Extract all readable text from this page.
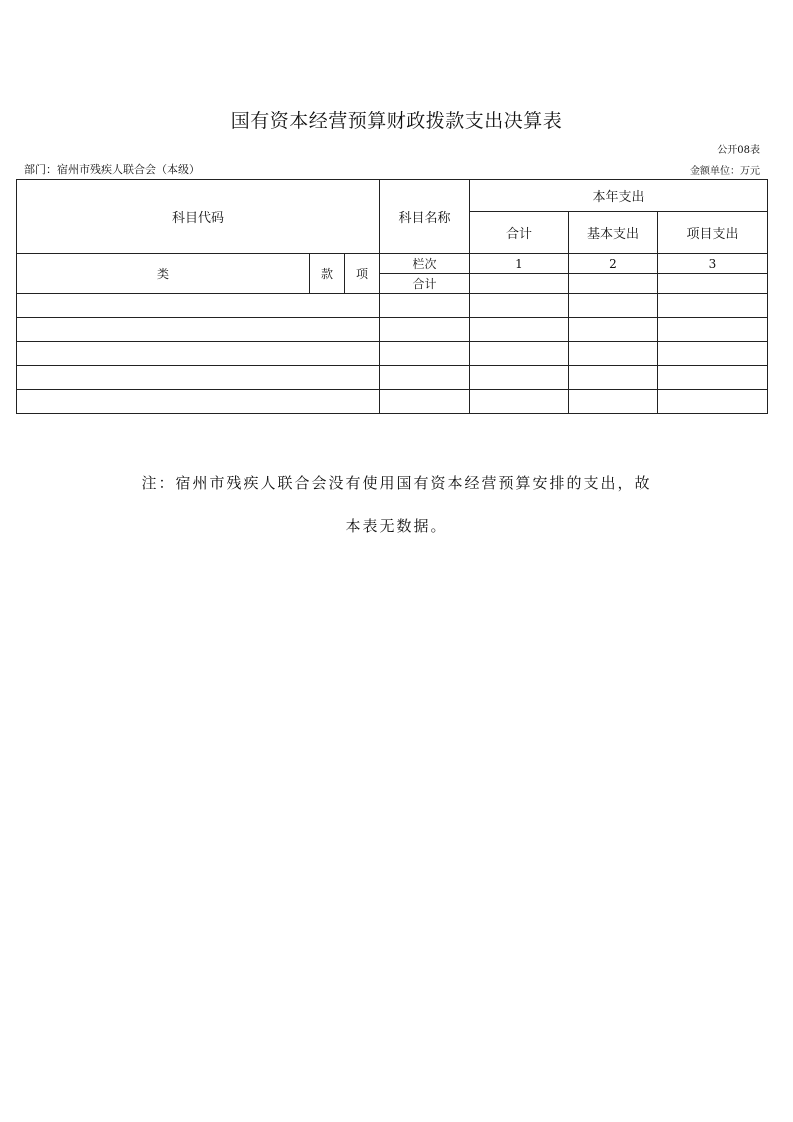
国有资本经营预算财政拨款支出决算表
公开08表
部门：宿州市残疾人联合会（本级）	金额单位：万元
科目代码			科目名称	本年支出		
				合计	基本支出	项目支出
类	款	项	栏次	1	2	3
			合计			

注：宿州市残疾人联合会没有使用国有资本经营预算安排的支出，故
本表无数据。
